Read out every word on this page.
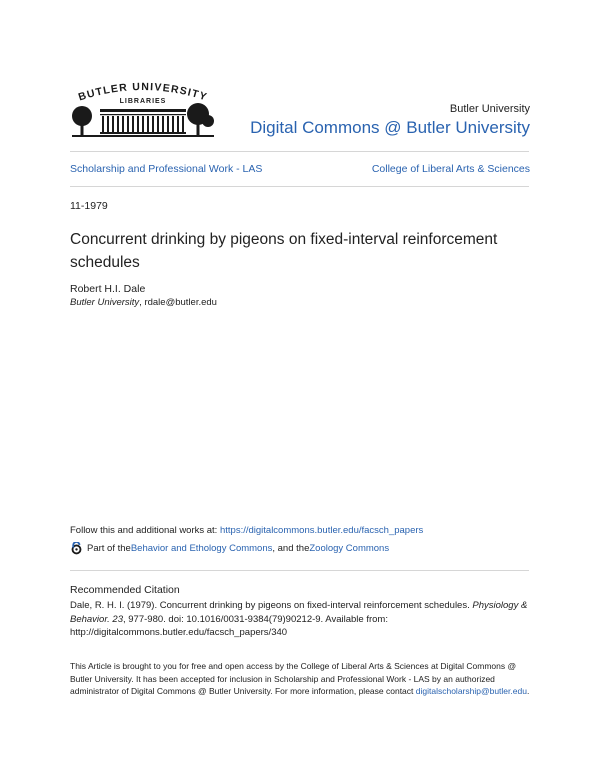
BUTLER UNIVERSITY
LIBRARIES
Butler University
Digital Commons @ Butler University
Scholarship and Professional Work - LAS	College of Liberal Arts & Sciences
11-1979
Concurrent drinking by pigeons on fixed-interval reinforcement schedules
Robert H.I. Dale
Butler University, rdale@butler.edu
Follow this and additional works at: https://digitalcommons.butler.edu/facsch_papers
Part of the Behavior and Ethology Commons , and the Zoology Commons
Recommended Citation
Dale, R. H. I. (1979). Concurrent drinking by pigeons on fixed-interval reinforcement schedules. Physiology & Behavior. 23, 977-980. doi: 10.1016/0031-9384(79)90212-9. Available from: http://digitalcommons.butler.edu/facsch_papers/340
This Article is brought to you for free and open access by the College of Liberal Arts & Sciences at Digital Commons @ Butler University. It has been accepted for inclusion in Scholarship and Professional Work - LAS by an authorized administrator of Digital Commons @ Butler University. For more information, please contact digitalscholarship@butler.edu.
